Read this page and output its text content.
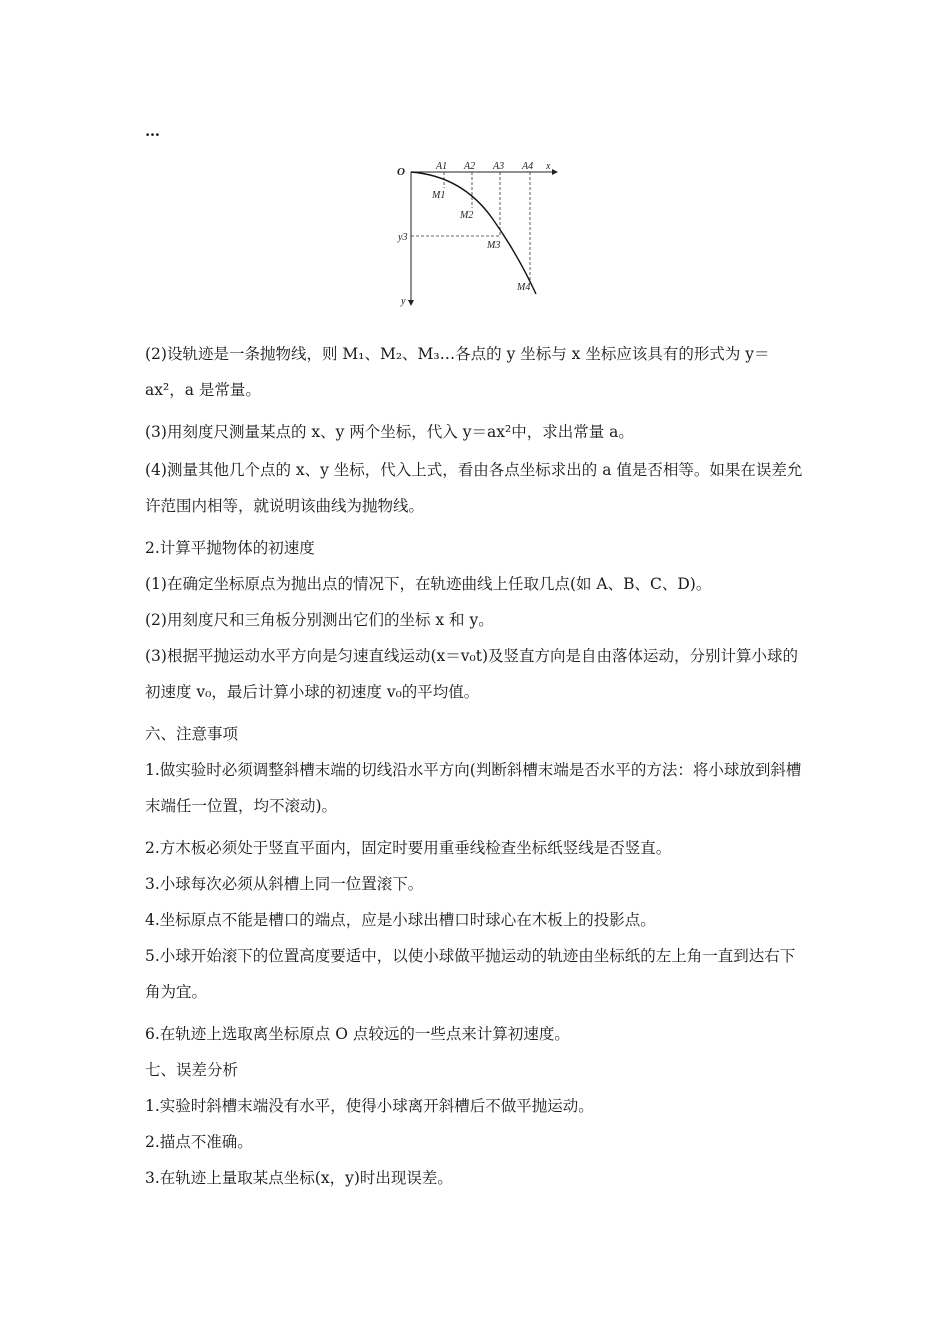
…
O	x
y
A1 A2 A3 A4
M1
M2
M3
M4
y3

(2)设轨迹是一条抛物线，则 M₁、M₂、M₃…各点的 y 坐标与 x 坐标应该具有的形式为 y＝ax²，a 是常量。

(3)用刻度尺测量某点的 x、y 两个坐标，代入 y＝ax²中，求出常量 a。

(4)测量其他几个点的 x、y 坐标，代入上式，看由各点坐标求出的 a 值是否相等。如果在误差允许范围内相等，就说明该曲线为抛物线。

2.计算平抛物体的初速度

(1)在确定坐标原点为抛出点的情况下，在轨迹曲线上任取几点(如 A、B、C、D)。

(2)用刻度尺和三角板分别测出它们的坐标 x 和 y。

(3)根据平抛运动水平方向是匀速直线运动(x＝v₀t)及竖直方向是自由落体运动，分别计算小球的初速度 v₀，最后计算小球的初速度 v₀的平均值。

六、注意事项

1.做实验时必须调整斜槽末端的切线沿水平方向(判断斜槽末端是否水平的方法：将小球放到斜槽末端任一位置，均不滚动)。

2.方木板必须处于竖直平面内，固定时要用重垂线检查坐标纸竖线是否竖直。

3.小球每次必须从斜槽上同一位置滚下。

4.坐标原点不能是槽口的端点，应是小球出槽口时球心在木板上的投影点。

5.小球开始滚下的位置高度要适中，以使小球做平抛运动的轨迹由坐标纸的左上角一直到达右下角为宜。

6.在轨迹上选取离坐标原点 O 点较远的一些点来计算初速度。

七、误差分析

1.实验时斜槽末端没有水平，使得小球离开斜槽后不做平抛运动。

2.描点不准确。

3.在轨迹上量取某点坐标(x，y)时出现误差。
